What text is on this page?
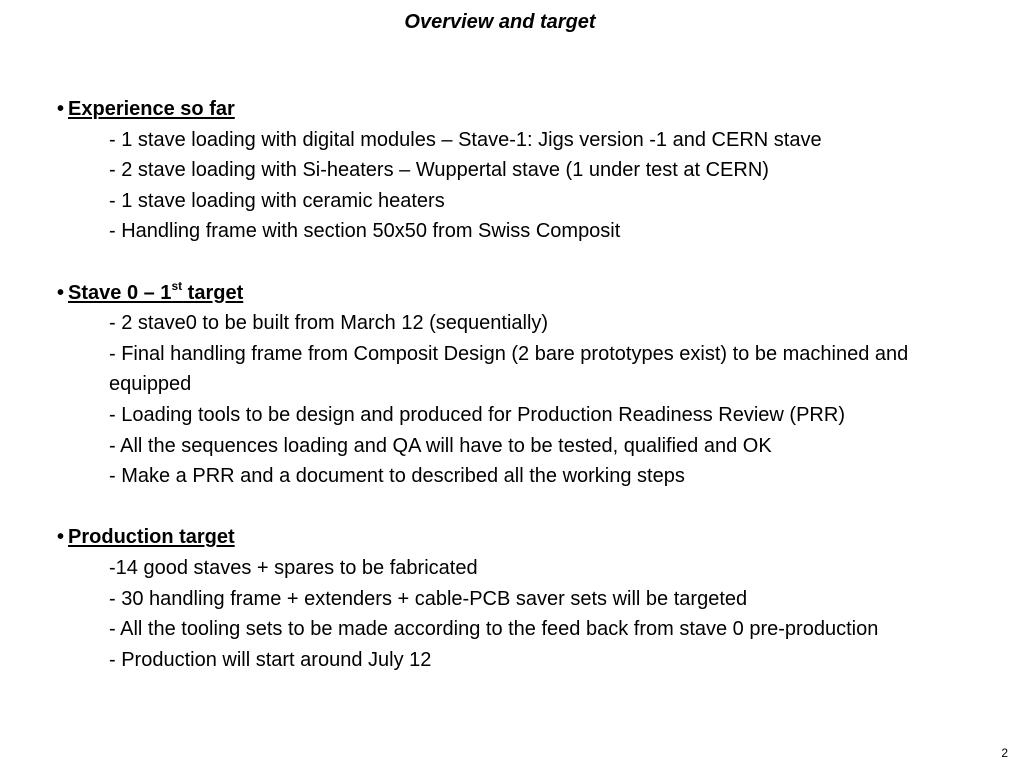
Overview and target
• Experience so far
- 1 stave loading with digital modules – Stave-1: Jigs version -1 and CERN stave
- 2 stave loading with Si-heaters – Wuppertal stave (1 under test at CERN)
- 1 stave loading with ceramic heaters
- Handling frame with section 50x50 from Swiss Composit
• Stave 0 – 1st target
- 2 stave0 to be built from March 12 (sequentially)
- Final handling frame from Composit Design (2 bare prototypes exist) to be machined and equipped
- Loading tools to be design and produced for Production Readiness Review (PRR)
- All the sequences loading and QA will have to be tested, qualified and OK
- Make a PRR and a document to described all the working steps
• Production target
-14 good staves + spares to be fabricated
- 30 handling frame + extenders + cable-PCB saver sets will be targeted
- All the tooling sets to be made according to the feed back from stave 0 pre-production
- Production will start around July 12
2
